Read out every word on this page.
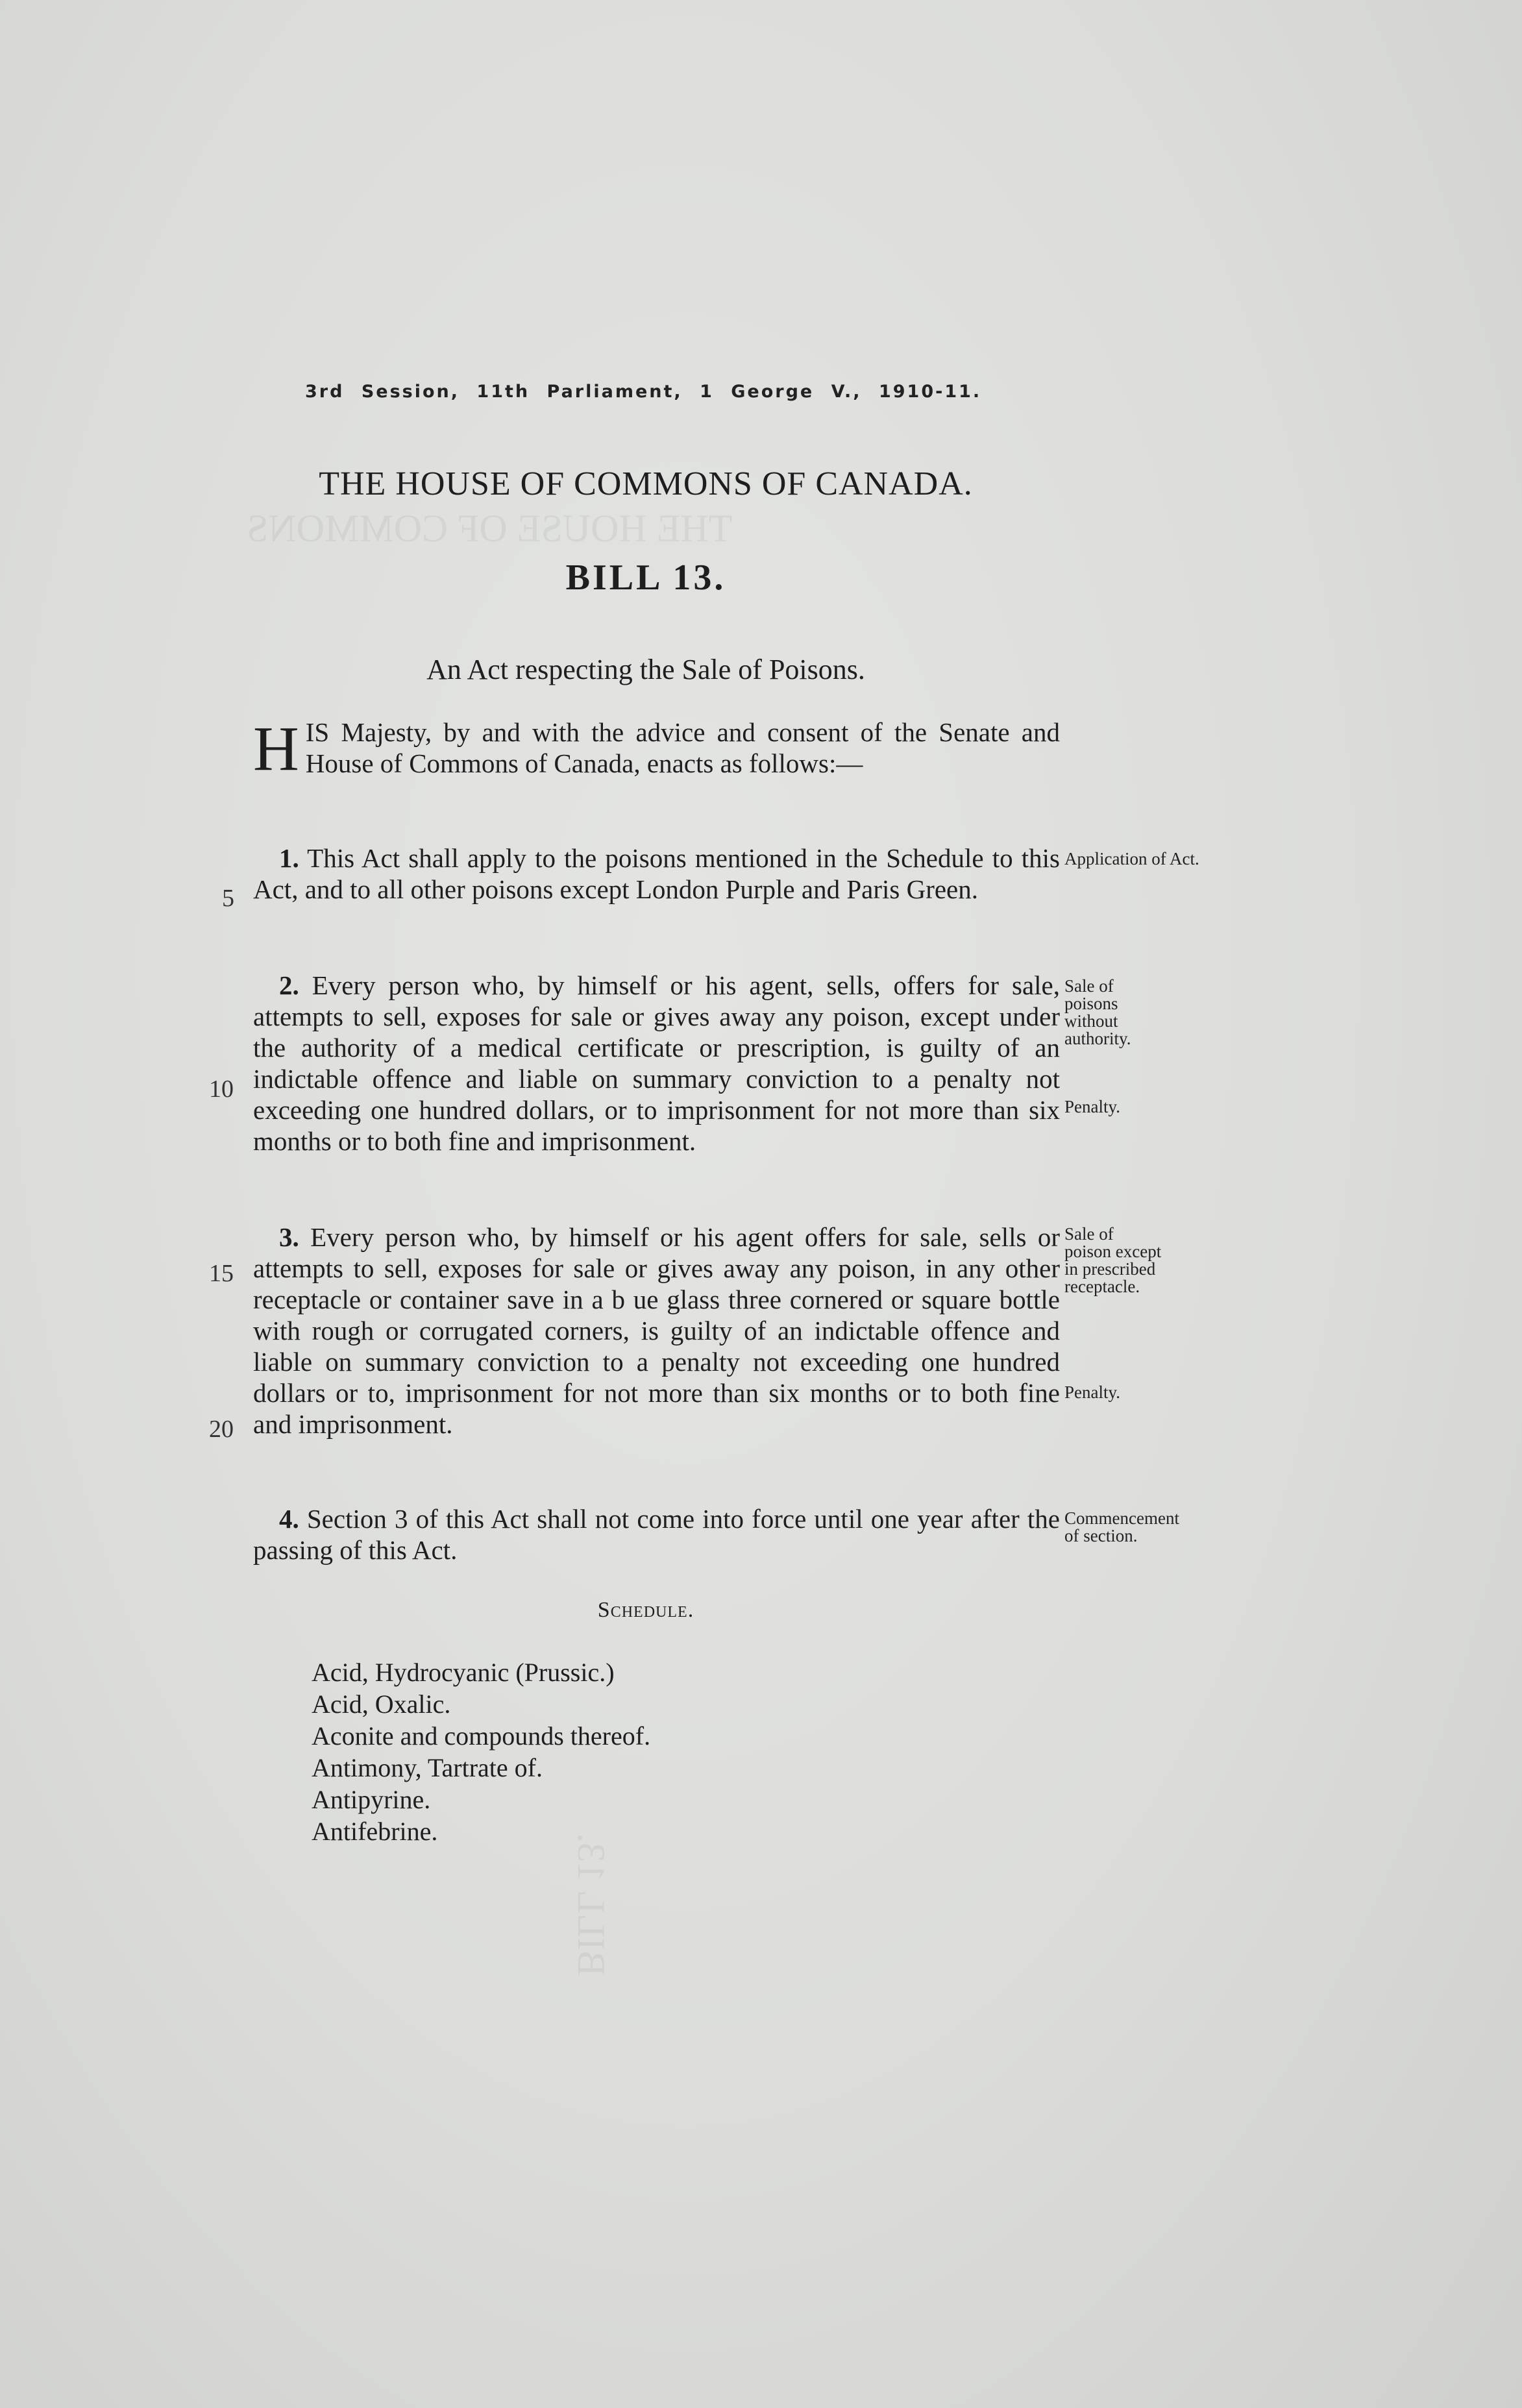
THE HOUSE OF COMMONS
BILL 13.
3rd Session, 11th Parliament, 1 George V., 1910-11.
THE HOUSE OF COMMONS OF CANADA.
BILL 13.
An Act respecting the Sale of Poisons.
HIS Majesty, by and with the advice and consent of the Senate and House of Commons of Canada, enacts as follows:—
1. This Act shall apply to the poisons mentioned in the Schedule to this Act, and to all other poisons except London Purple and Paris Green.
Application of Act.
2. Every person who, by himself or his agent, sells, offers for sale, attempts to sell, exposes for sale or gives away any poison, except under the authority of a medical certificate or prescription, is guilty of an indictable offence and liable on summary conviction to a penalty not exceeding one hundred dollars, or to imprisonment for not more than six months or to both fine and imprisonment.
Sale of poisons without authority.
Penalty.
3. Every person who, by himself or his agent offers for sale, sells or attempts to sell, exposes for sale or gives away any poison, in any other receptacle or container save in a b ue glass three cornered or square bottle with rough or corrugated corners, is guilty of an indictable offence and liable on summary conviction to a penalty not exceeding one hundred dollars or to, imprisonment for not more than six months or to both fine and imprisonment.
Sale of poison except in prescribed receptacle.
Penalty.
4. Section 3 of this Act shall not come into force until one year after the passing of this Act.
Commencement of section.
5
10
15
20
Schedule.
Acid, Hydrocyanic (Prussic.)
Acid, Oxalic.
Aconite and compounds thereof.
Antimony, Tartrate of.
Antipyrine.
Antifebrine.
